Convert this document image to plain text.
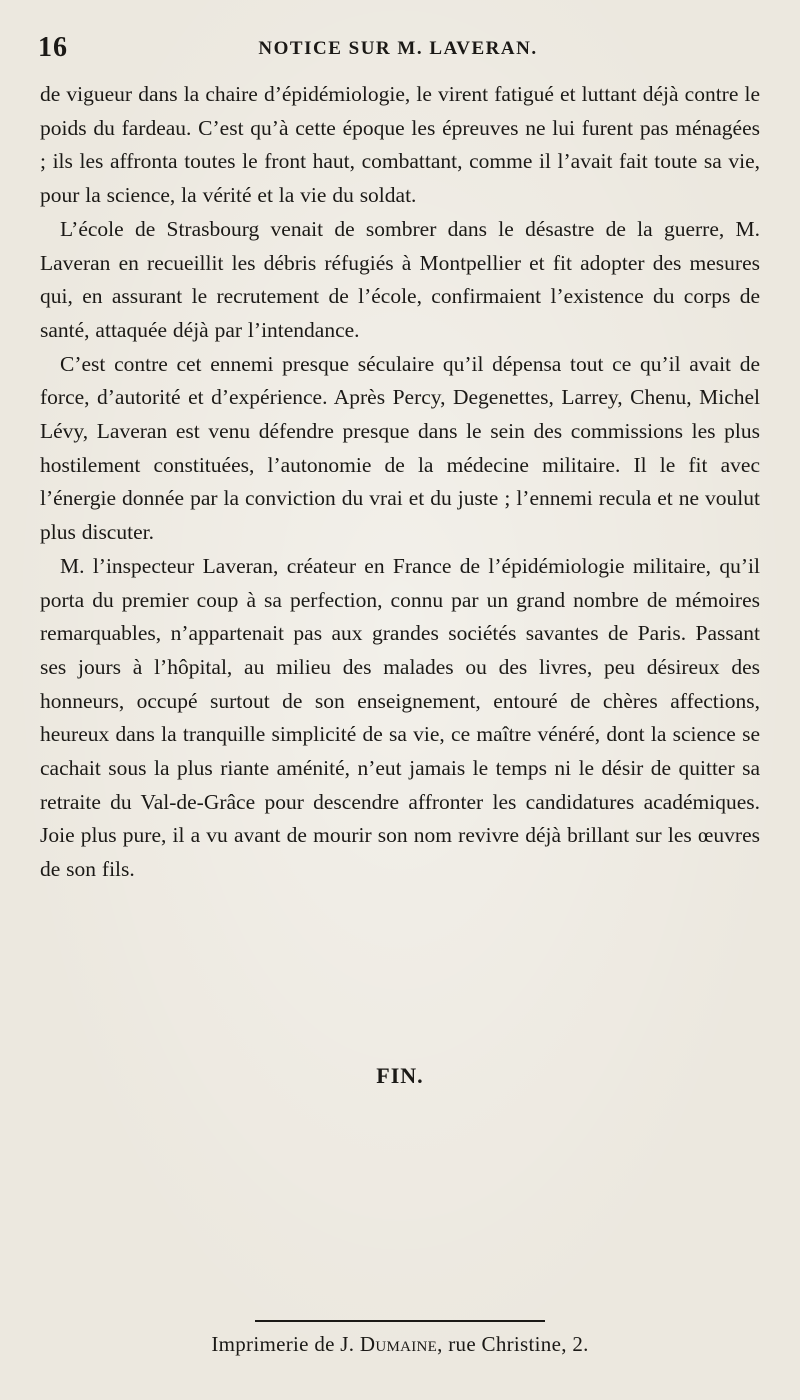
16	NOTICE SUR M. LAVERAN.

de vigueur dans la chaire d’épidémiologie, le virent fatigué et luttant déjà contre le poids du fardeau. C’est qu’à cette époque les épreuves ne lui furent pas ménagées ; ils les affronta toutes le front haut, combattant, comme il l’avait fait toute sa vie, pour la science, la vérité et la vie du soldat.

L’école de Strasbourg venait de sombrer dans le désastre de la guerre, M. Laveran en recueillit les débris réfugiés à Montpellier et fit adopter des mesures qui, en assurant le recrutement de l’école, confirmaient l’existence du corps de santé, attaquée déjà par l’intendance.

C’est contre cet ennemi presque séculaire qu’il dépensa tout ce qu’il avait de force, d’autorité et d’expérience. Après Percy, Degenettes, Larrey, Chenu, Michel Lévy, Laveran est venu défendre presque dans le sein des commissions les plus hostilement constituées, l’autonomie de la médecine militaire. Il le fit avec l’énergie donnée par la conviction du vrai et du juste ; l’ennemi recula et ne voulut plus discuter.

M. l’inspecteur Laveran, créateur en France de l’épidémiologie militaire, qu’il porta du premier coup à sa perfection, connu par un grand nombre de mémoires remarquables, n’appartenait pas aux grandes sociétés savantes de Paris. Passant ses jours à l’hôpital, au milieu des malades ou des livres, peu désireux des honneurs, occupé surtout de son enseignement, entouré de chères affections, heureux dans la tranquille simplicité de sa vie, ce maître vénéré, dont la science se cachait sous la plus riante aménité, n’eut jamais le temps ni le désir de quitter sa retraite du Val-de-Grâce pour descendre affronter les candidatures académiques. Joie plus pure, il a vu avant de mourir son nom revivre déjà brillant sur les œuvres de son fils.

FIN.
Imprimerie de J. Dumaine, rue Christine, 2.
